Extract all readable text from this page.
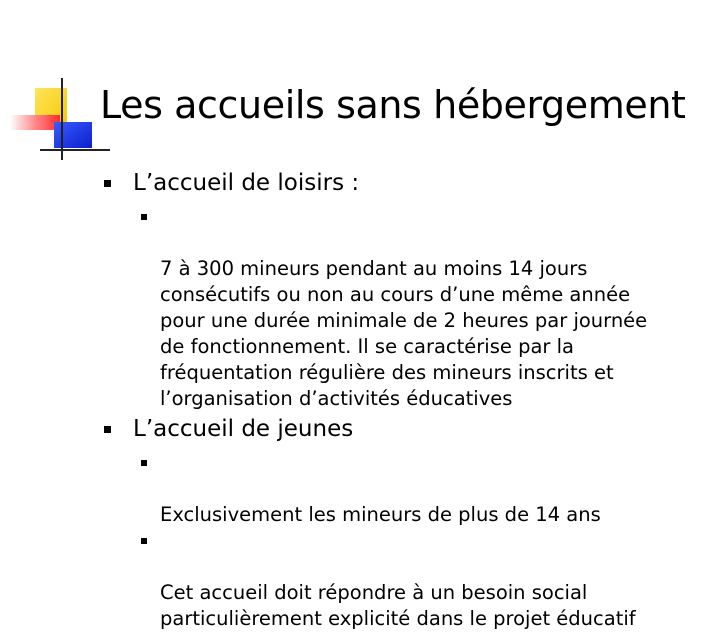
Les accueils sans hébergement
L’accueil de loisirs :

7 à 300 mineurs pendant au moins 14 jours
consécutifs ou non au cours d’une même année
pour une durée minimale de 2 heures par journée
de fonctionnement. Il se caractérise par la
fréquentation régulière des mineurs inscrits et
l’organisation d’activités éducatives

L’accueil de jeunes

Exclusivement les mineurs de plus de 14 ans

Cet accueil doit répondre à un besoin social
particulièrement explicité dans le projet éducatif
